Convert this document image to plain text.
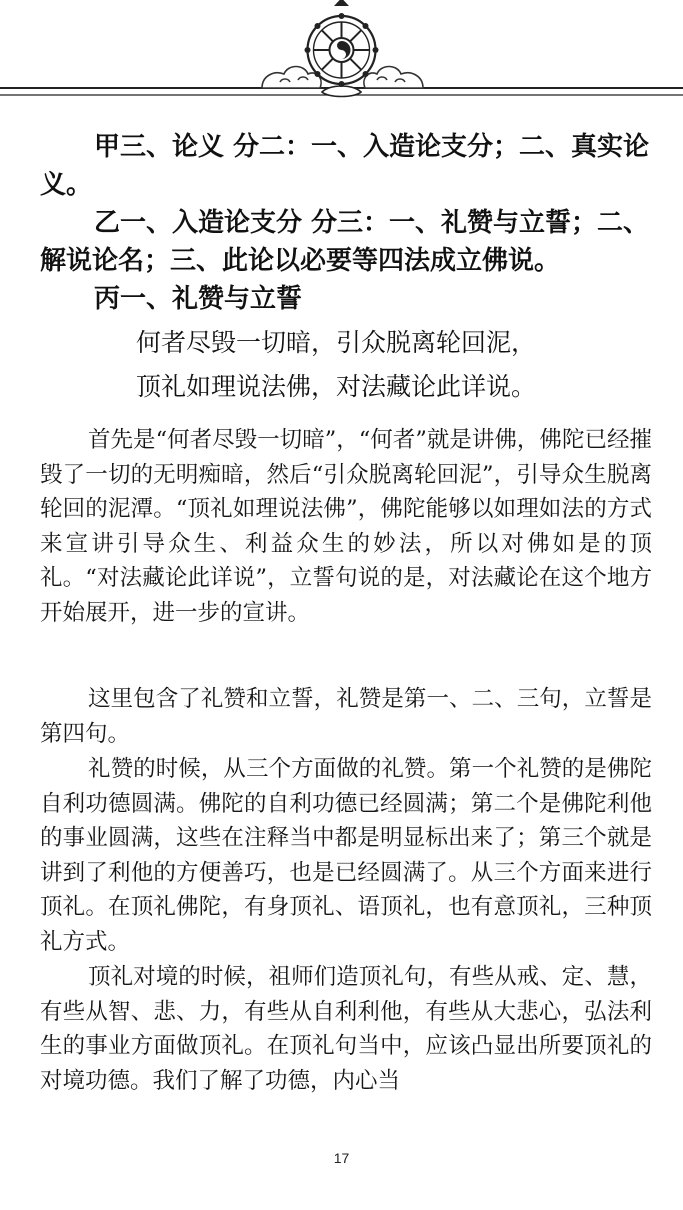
甲三、论义 分二：一、入造论支分；二、真实论义。
乙一、入造论支分 分三：一、礼赞与立誓；二、解说论名；三、此论以必要等四法成立佛说。
丙一、礼赞与立誓
何者尽毁一切暗，引众脱离轮回泥，
顶礼如理说法佛，对法藏论此详说。
首先是“何者尽毁一切暗”，“何者”就是讲佛，佛陀已经摧毁了一切的无明痴暗，然后“引众脱离轮回泥”，引导众生脱离轮回的泥潭。“顶礼如理说法佛”，佛陀能够以如理如法的方式来宣讲引导众生、利益众生的妙法，所以对佛如是的顶礼。“对法藏论此详说”，立誓句说的是，对法藏论在这个地方开始展开，进一步的宣讲。
这里包含了礼赞和立誓，礼赞是第一、二、三句，立誓是第四句。
礼赞的时候，从三个方面做的礼赞。第一个礼赞的是佛陀自利功德圆满。佛陀的自利功德已经圆满；第二个是佛陀利他的事业圆满，这些在注释当中都是明显标出来了；第三个就是讲到了利他的方便善巧，也是已经圆满了。从三个方面来进行顶礼。在顶礼佛陀，有身顶礼、语顶礼，也有意顶礼，三种顶礼方式。
顶礼对境的时候，祖师们造顶礼句，有些从戒、定、慧，有些从智、悲、力，有些从自利利他，有些从大悲心，弘法利生的事业方面做顶礼。在顶礼句当中，应该凸显出所要顶礼的对境功德。我们了解了功德，内心当
17
